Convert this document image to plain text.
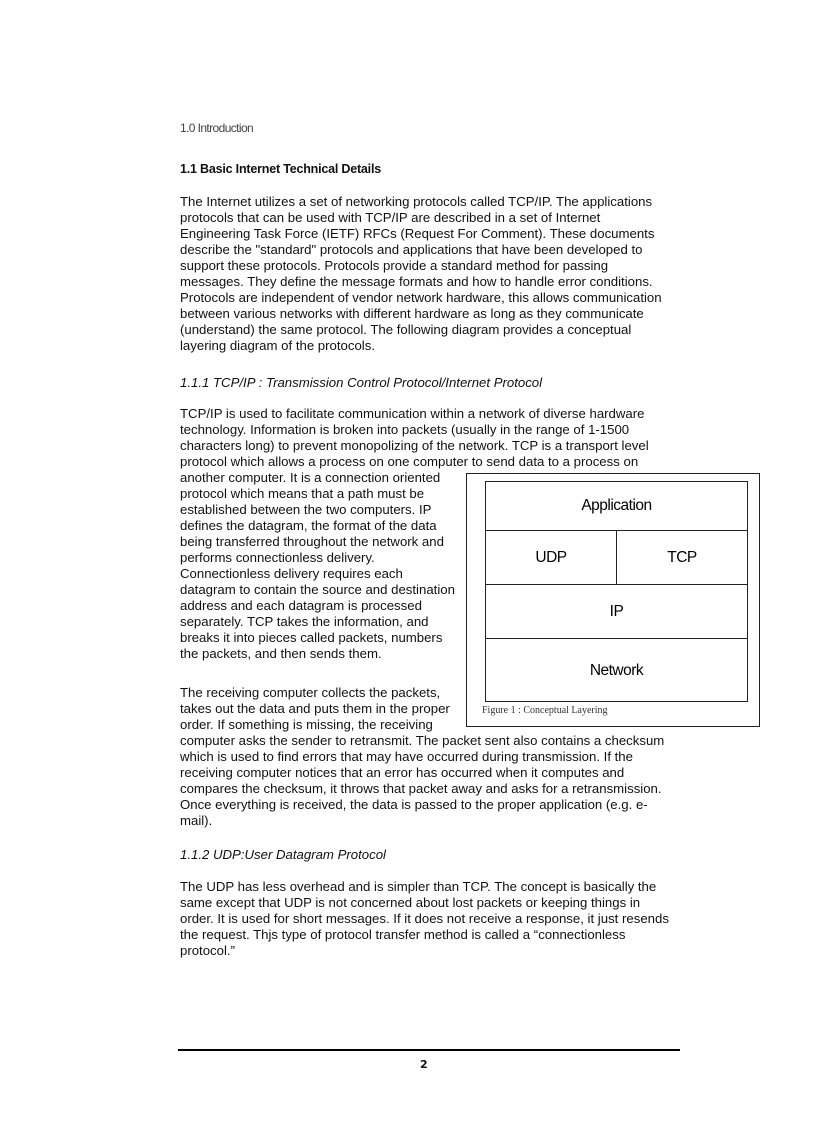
1.0 Introduction
1.1 Basic Internet Technical Details

The Internet utilizes a set of networking protocols called TCP/IP. The applications
protocols that can be used with TCP/IP are described in a set of Internet
Engineering Task Force (IETF) RFCs (Request For Comment). These documents
describe the "standard" protocols and applications that have been developed to
support these protocols. Protocols provide a standard method for passing
messages. They define the message formats and how to handle error conditions.
Protocols are independent of vendor network hardware, this allows communication
between various networks with different hardware as long as they communicate
(understand) the same protocol. The following diagram provides a conceptual
layering diagram of the protocols.

1.1.1 TCP/IP : Transmission Control Protocol/Internet Protocol

TCP/IP is used to facilitate communication within a network of diverse hardware
technology. Information is broken into packets (usually in the range of 1-1500
characters long) to prevent monopolizing of the network. TCP is a transport level
protocol which allows a process on one computer to send data to a process on
another computer. It is a connection oriented
protocol which means that a path must be
established between the two computers. IP
defines the datagram, the format of the data
being transferred throughout the network and
performs connectionless delivery.
Connectionless delivery requires each
datagram to contain the source and destination
address and each datagram is processed
separately. TCP takes the information, and
breaks it into pieces called packets, numbers
the packets, and then sends them.

The receiving computer collects the packets,
takes out the data and puts them in the proper
order. If something is missing, the receiving
computer asks the sender to retransmit. The packet sent also contains a checksum
which is used to find errors that may have occurred during transmission. If the
receiving computer notices that an error has occurred when it computes and
compares the checksum, it throws that packet away and asks for a retransmission.
Once everything is received, the data is passed to the proper application (e.g. e-
mail).

1.1.2 UDP:User Datagram Protocol

The UDP has less overhead and is simpler than TCP. The concept is basically the
same except that UDP is not concerned about lost packets or keeping things in
order. It is used for short messages. If it does not receive a response, it just resends
the request. Thjs type of protocol transfer method is called a “connectionless
protocol.”

Application
UDP	TCP
IP
Network
Figure 1 : Conceptual Layering
2
